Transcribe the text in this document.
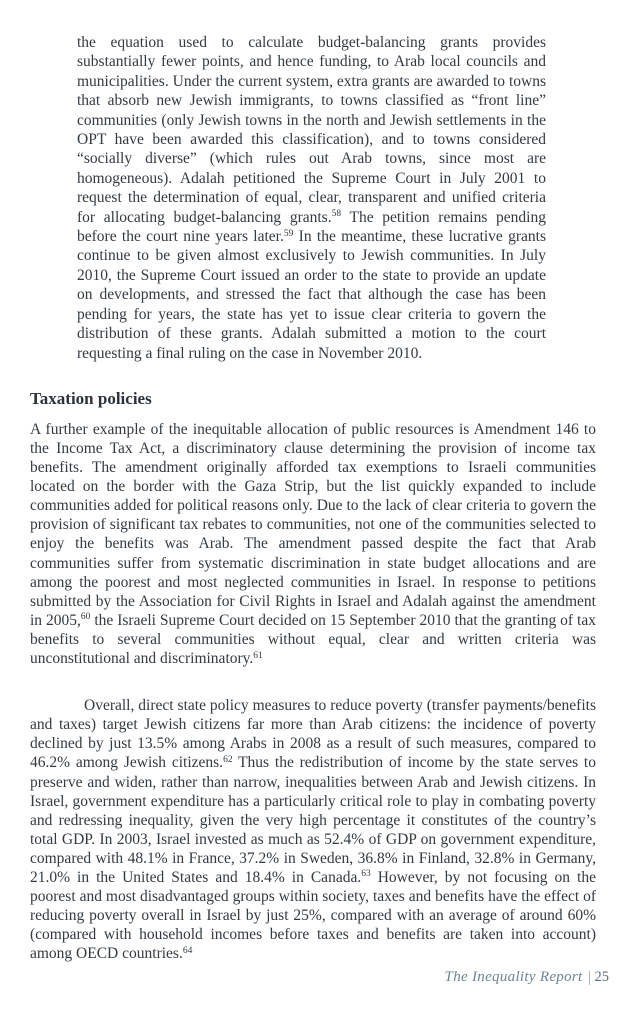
the equation used to calculate budget-balancing grants provides substantially fewer points, and hence funding, to Arab local councils and municipalities. Under the current system, extra grants are awarded to towns that absorb new Jewish immigrants, to towns classified as “front line” communities (only Jewish towns in the north and Jewish settlements in the OPT have been awarded this classification), and to towns considered “socially diverse” (which rules out Arab towns, since most are homogeneous). Adalah petitioned the Supreme Court in July 2001 to request the determination of equal, clear, transparent and unified criteria for allocating budget-balancing grants.$^{58}$ The petition remains pending before the court nine years later.$^{59}$ In the meantime, these lucrative grants continue to be given almost exclusively to Jewish communities. In July 2010, the Supreme Court issued an order to the state to provide an update on developments, and stressed the fact that although the case has been pending for years, the state has yet to issue clear criteria to govern the distribution of these grants. Adalah submitted a motion to the court requesting a final ruling on the case in November 2010.
Taxation policies

A further example of the inequitable allocation of public resources is Amendment 146 to the Income Tax Act, a discriminatory clause determining the provision of income tax benefits. The amendment originally afforded tax exemptions to Israeli communities located on the border with the Gaza Strip, but the list quickly expanded to include communities added for political reasons only. Due to the lack of clear criteria to govern the provision of significant tax rebates to communities, not one of the communities selected to enjoy the benefits was Arab. The amendment passed despite the fact that Arab communities suffer from systematic discrimination in state budget allocations and are among the poorest and most neglected communities in Israel. In response to petitions submitted by the Association for Civil Rights in Israel and Adalah against the amendment in 2005,60 the Israeli Supreme Court decided on 15 September 2010 that the granting of tax benefits to several communities without equal, clear and written criteria was unconstitutional and discriminatory.$^{61}$

Overall, direct state policy measures to reduce poverty (transfer payments/benefits and taxes) target Jewish citizens far more than Arab citizens: the incidence of poverty declined by just 13.5% among Arabs in 2008 as a result of such measures, compared to 46.2% among Jewish citizens.$^{62}$ Thus the redistribution of income by the state serves to preserve and widen, rather than narrow, inequalities between Arab and Jewish citizens. In Israel, government expenditure has a particularly critical role to play in combating poverty and redressing inequality, given the very high percentage it constitutes of the country’s total GDP. In 2003, Israel invested as much as 52.4% of GDP on government expenditure, compared with 48.1% in France, 37.2% in Sweden, 36.8% in Finland, 32.8% in Germany, 21.0% in the United States and 18.4% in Canada.$^{63}$ However, by not focusing on the poorest and most disadvantaged groups within society, taxes and benefits have the effect of reducing poverty overall in Israel by just 25%, compared with an average of around 60% (compared with household incomes before taxes and benefits are taken into account) among OECD countries.$^{64}$

The Inequality Report 25
